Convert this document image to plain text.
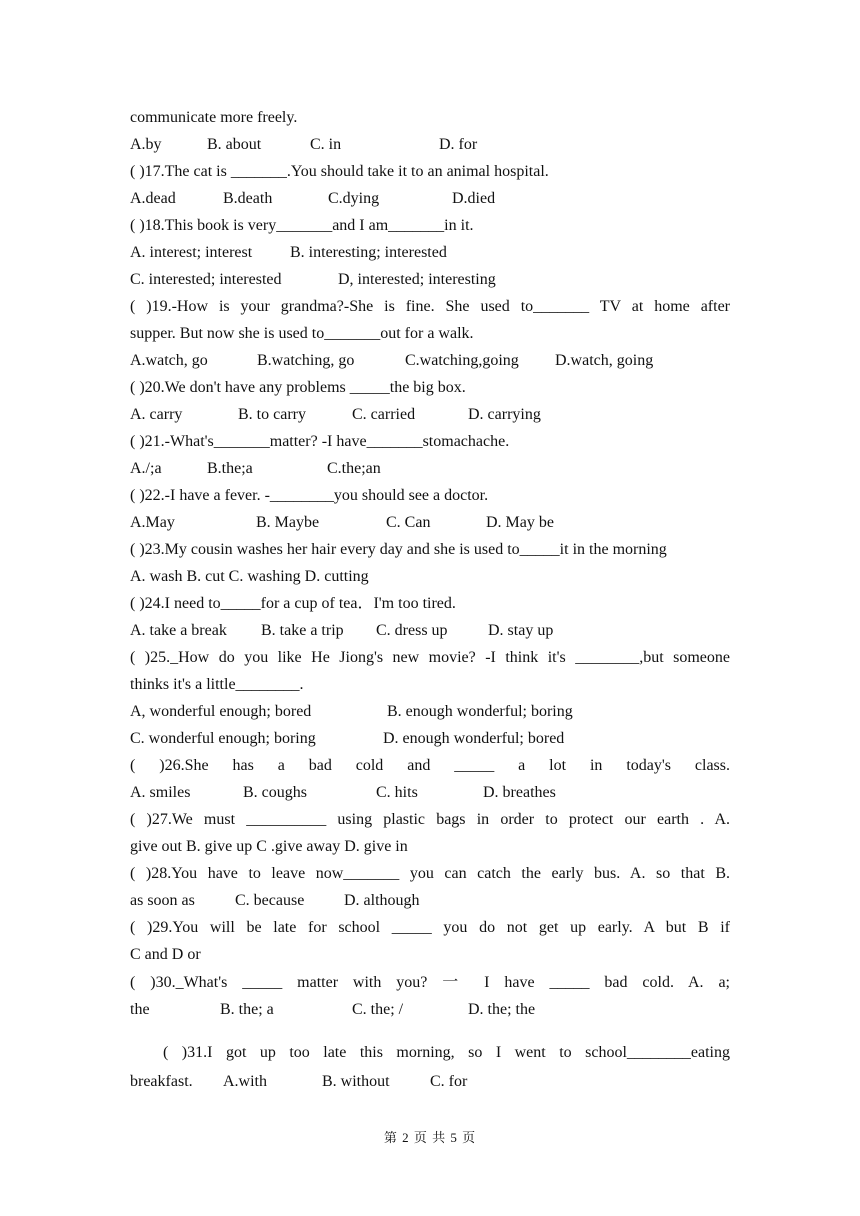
communicate more freely.
A.by	B. about	C. in	D. for
( )17.The cat is _______.You should take it to an animal hospital.
A.dead	B.death	C.dying	D.died
( )18.This book is very_______and I am_______in it.
A. interest; interest B. interesting; interested
C. interested; interested	D, interested; interesting
( )19.-How is your grandma?-She is fine. She used to_______ TV at home after
supper. But now she is used to_______out for a walk.
A.watch, go	B.watching, go	C.watching,going D.watch, going
( )20.We don't have any problems _____the big box.
A. carry	B. to carry	C. carried	D. carrying
( )21.-What's_______matter? -I have_______stomachache.
A./;a	B.the;a	C.the;an
( )22.-I have a fever. -________you should see a doctor.
A.May	B. Maybe	C. Can	D. May be
( )23.My cousin washes her hair every day and she is used to_____it in the morning
A. wash B. cut C. washing D. cutting
( )24.I need to_____for a cup of tea．I'm too tired.
A. take a break B. take a trip C. dress up	D. stay up
( )25._How do you like He Jiong's new movie? -I think it's ________,but someone
thinks it's a little________.
A, wonderful enough; bored	B. enough wonderful; boring
C. wonderful enough; boring	D. enough wonderful; bored
( )26.She has a bad cold and _____ a lot in today's class.
A. smiles	B. coughs	C. hits	D. breathes
( )27.We must __________ using plastic bags in order to protect our earth . A.
give out B. give up C .give away D. give in
( )28.You have to leave now_______ you can catch the early bus. A. so that B.
as soon as	C. because D. although
( )29.You will be late for school _____ you do not get up early. A but B if
C and D or
( )30._What's _____ matter with you? 一 I have _____ bad cold. A. a;
the	B. the; a	C. the; /	D. the; the
( )31.I got up too late this morning, so I went to school________eating
breakfast. A.with	B. without	C. for
第 2 页 共 5 页
